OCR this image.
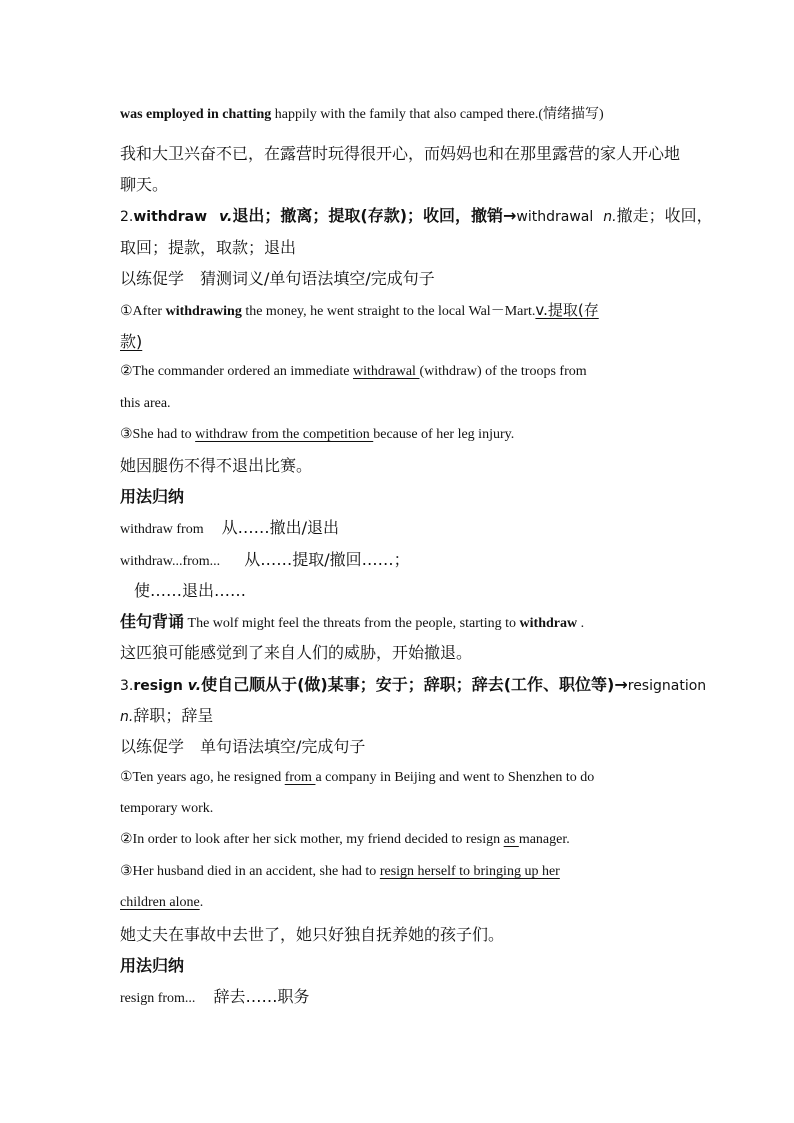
was employed in chatting happily with the family that also camped there.(情绪描写)
我和大卫兴奋不已，在露营时玩得很开心，而妈妈也和在那里露营的家人开心地
聊天。
2.withdraw v.退出；撤离；提取(存款)；收回，撤销→withdrawal n.撤走；收回，
取回；提款，取款；退出
以练促学　猜测词义/单句语法填空/完成句子
①After withdrawing the money, he went straight to the local Wal－Mart.v.提取(存
款)
②The commander ordered an immediate withdrawal (withdraw) of the troops from
this area.
③She had to withdraw from the competition because of her leg injury.
她因腿伤不得不退出比赛。
用法归纳
withdraw from 从……撤出/退出
withdraw...from... 从……提取/撤回……；
使……退出……
佳句背诵 The wolf might feel the threats from the people, starting to withdraw .
这匹狼可能感觉到了来自人们的威胁，开始撤退。
3.resign v.使自己顺从于(做)某事；安于；辞职；辞去(工作、职位等)→resignation
n.辞职；辞呈
以练促学　单句语法填空/完成句子
①Ten years ago, he resigned from a company in Beijing and went to Shenzhen to do
temporary work.
②In order to look after her sick mother, my friend decided to resign as manager.
③Her husband died in an accident, she had to resign herself to bringing up her
children alone.
她丈夫在事故中去世了，她只好独自抚养她的孩子们。
用法归纳
resign from... 辞去……职务
